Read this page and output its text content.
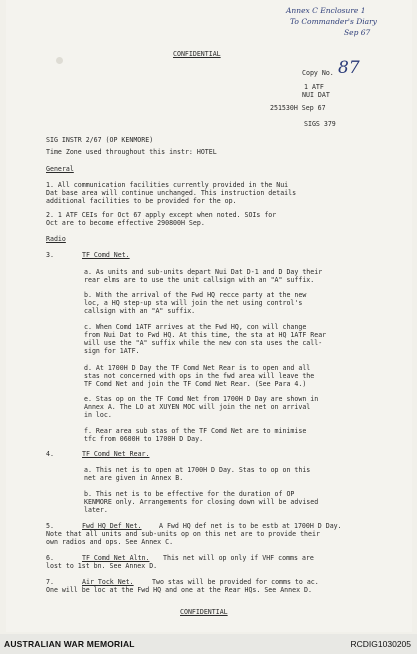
Annex C Enclosure 1
To Commander's Diary
Sep 67
CONFIDENTIAL
Copy No. 87
1 ATF
NUI DAT
251530H Sep 67
SIGS 379
SIG INSTR 2/67 (OP KENMORE)
Time Zone used throughout this instr: HOTEL
General
1. All communication facilities currently provided in the Nui
Dat base area will continue unchanged. This instruction details
additional facilities to be provided for the op.
2. 1 ATF CEIs for Oct 67 apply except when noted. SOIs for
Oct are to become effective 290800H Sep.
Radio
3.	TF Comd Net.
a. As units and sub-units depart Nui Dat D-1 and D Day their
rear elms are to use the unit callsign with an "A" suffix.
b. With the arrival of the Fwd HQ recce party at the new
loc, a HQ step-up sta will join the net using control's
callsign with an "A" suffix.
c. When Comd 1ATF arrives at the Fwd HQ, con will change
from Nui Dat to Fwd HQ. At this time, the sta at HQ 1ATF Rear
will use the "A" suffix while the new con sta uses the call-
sign for 1ATF.
d. At 1700H D Day the TF Comd Net Rear is to open and all
stas not concerned with ops in the fwd area will leave the
TF Comd Net and join the TF Comd Net Rear. (See Para 4.)
e. Stas op on the TF Comd Net from 1700H D Day are shown in
Annex A. The LO at XUYEN MOC will join the net on arrival
in loc.
f. Rear area sub stas of the TF Comd Net are to minimise
tfc from 0600H to 1700H D Day.
4.	TF Comd Net Rear.
a. This net is to open at 1700H D Day. Stas to op on this
net are given in Annex B.
b. This net is to be effective for the duration of OP
KENMORE only. Arrangements for closing down will be advised
later.
5.	Fwd HQ Def Net.	A Fwd HQ def net is to be estb at 1700H D Day.
Note that all units and sub-units op on this net are to provide their
own radios and ops. See Annex C.
6.	TF Comd Net Altn. This net will op only if VHF comms are
lost to 1st bn. See Annex D.
7.	Air Tock Net.	Two stas will be provided for comms to ac.
One will be loc at the Fwd HQ and one at the Rear HQs. See Annex D.
CONFIDENTIAL
AUSTRALIAN WAR MEMORIAL	RCDIG1030205
